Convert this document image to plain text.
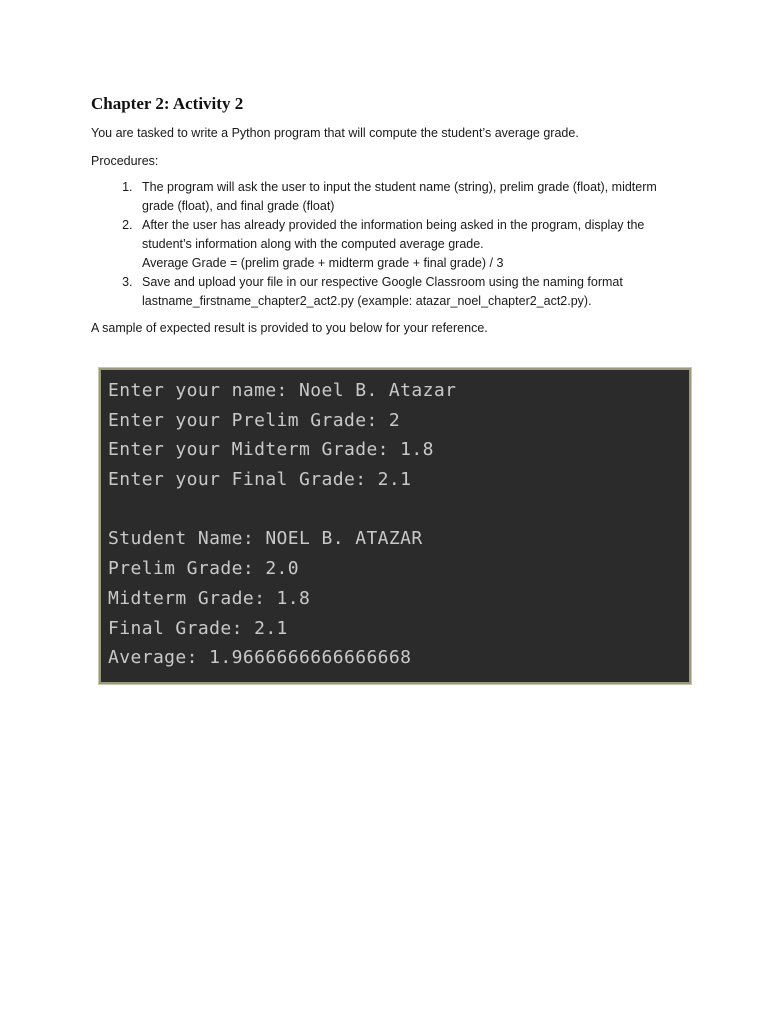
Chapter 2: Activity 2

You are tasked to write a Python program that will compute the student’s average grade.

Procedures:

1. The program will ask the user to input the student name (string), prelim grade (float), midterm grade (float), and final grade (float)
2. After the user has already provided the information being asked in the program, display the student’s information along with the computed average grade.
Average Grade = (prelim grade + midterm grade + final grade) / 3
3. Save and upload your file in our respective Google Classroom using the naming format lastname_firstname_chapter2_act2.py (example: atazar_noel_chapter2_act2.py).

A sample of expected result is provided to you below for your reference.

Enter your name: Noel B. Atazar
Enter your Prelim Grade: 2
Enter your Midterm Grade: 1.8
Enter your Final Grade: 2.1
Student Name: NOEL B. ATAZAR
Prelim Grade: 2.0
Midterm Grade: 1.8
Final Grade: 2.1
Average: 1.9666666666666668
